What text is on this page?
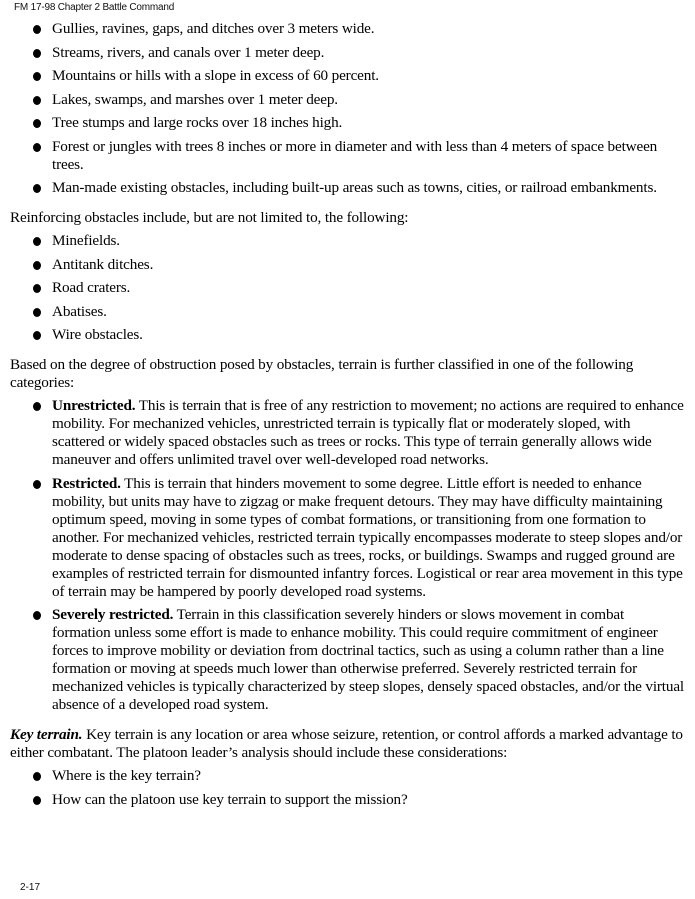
FM 17-98 Chapter 2 Battle Command
Gullies, ravines, gaps, and ditches over 3 meters wide.
Streams, rivers, and canals over 1 meter deep.
Mountains or hills with a slope in excess of 60 percent.
Lakes, swamps, and marshes over 1 meter deep.
Tree stumps and large rocks over 18 inches high.
Forest or jungles with trees 8 inches or more in diameter and with less than 4 meters of space between trees.
Man-made existing obstacles, including built-up areas such as towns, cities, or railroad embankments.

Reinforcing obstacles include, but are not limited to, the following:

Minefields.
Antitank ditches.
Road craters.
Abatises.
Wire obstacles.

Based on the degree of obstruction posed by obstacles, terrain is further classified in one of the following categories:

Unrestricted. This is terrain that is free of any restriction to movement; no actions are required to enhance mobility. For mechanized vehicles, unrestricted terrain is typically flat or moderately sloped, with scattered or widely spaced obstacles such as trees or rocks. This type of terrain generally allows wide maneuver and offers unlimited travel over well-developed road networks.
Restricted. This is terrain that hinders movement to some degree. Little effort is needed to enhance mobility, but units may have to zigzag or make frequent detours. They may have difficulty maintaining optimum speed, moving in some types of combat formations, or transitioning from one formation to another. For mechanized vehicles, restricted terrain typically encompasses moderate to steep slopes and/or moderate to dense spacing of obstacles such as trees, rocks, or buildings. Swamps and rugged ground are examples of restricted terrain for dismounted infantry forces. Logistical or rear area movement in this type of terrain may be hampered by poorly developed road systems.
Severely restricted. Terrain in this classification severely hinders or slows movement in combat formation unless some effort is made to enhance mobility. This could require commitment of engineer forces to improve mobility or deviation from doctrinal tactics, such as using a column rather than a line formation or moving at speeds much lower than otherwise preferred. Severely restricted terrain for mechanized vehicles is typically characterized by steep slopes, densely spaced obstacles, and/or the virtual absence of a developed road system.

Key terrain. Key terrain is any location or area whose seizure, retention, or control affords a marked advantage to either combatant. The platoon leader’s analysis should include these considerations:

Where is the key terrain?
How can the platoon use key terrain to support the mission?
2-17
